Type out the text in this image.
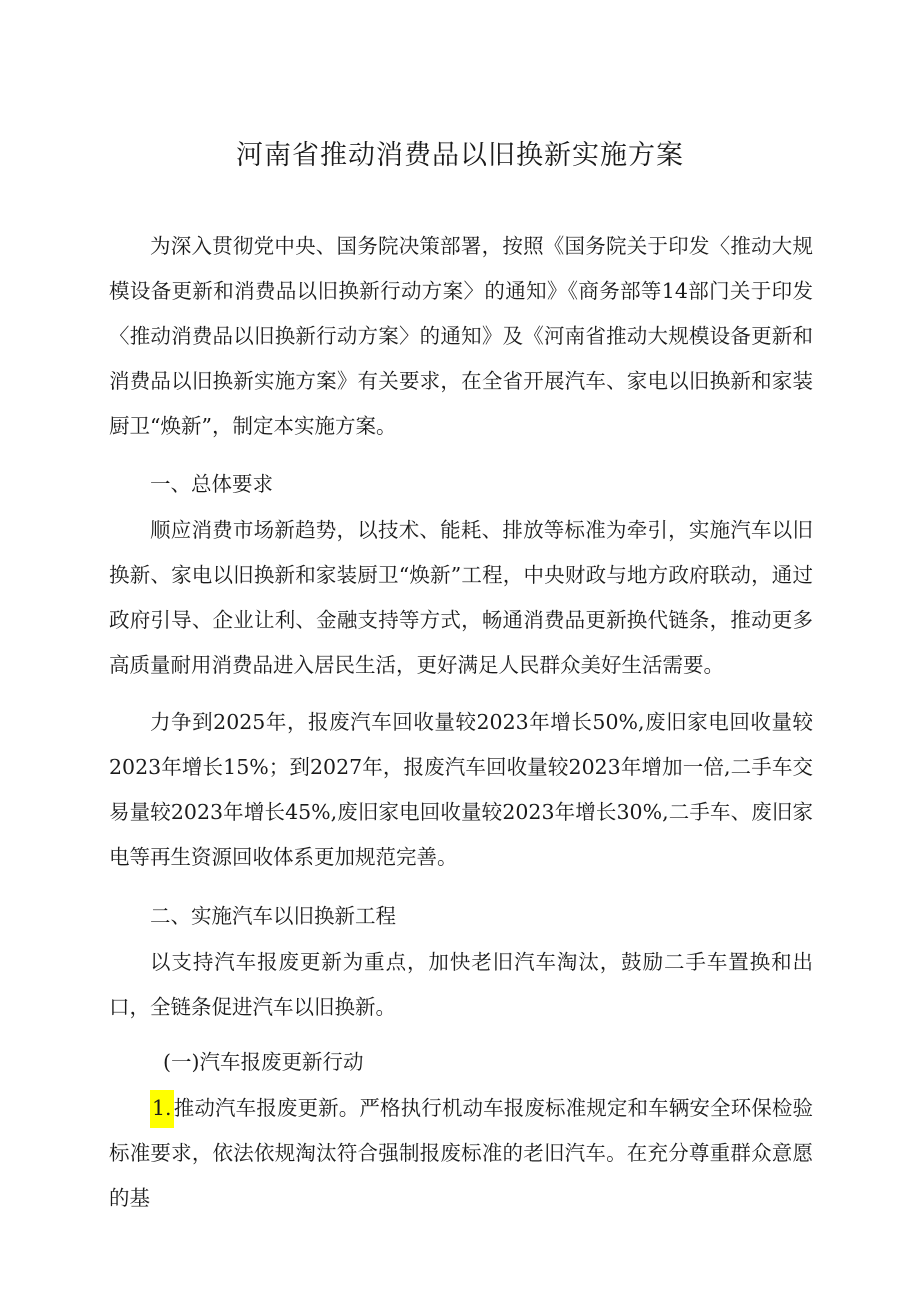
河南省推动消费品以旧换新实施方案

为深入贯彻党中央、国务院决策部署，按照《国务院关于印发〈推动大规模设备更新和消费品以旧换新行动方案〉的通知》《商务部等14部门关于印发〈推动消费品以旧换新行动方案〉的通知》及《河南省推动大规模设备更新和消费品以旧换新实施方案》有关要求，在全省开展汽车、家电以旧换新和家装厨卫“焕新”，制定本实施方案。

一、总体要求

顺应消费市场新趋势，以技术、能耗、排放等标准为牵引，实施汽车以旧换新、家电以旧换新和家装厨卫“焕新”工程，中央财政与地方政府联动，通过政府引导、企业让利、金融支持等方式，畅通消费品更新换代链条，推动更多高质量耐用消费品进入居民生活，更好满足人民群众美好生活需要。

力争到2025年，报废汽车回收量较2023年增长50%,废旧家电回收量较2023年增长15%；到2027年，报废汽车回收量较2023年增加一倍,二手车交易量较2023年增长45%,废旧家电回收量较2023年增长30%,二手车、废旧家电等再生资源回收体系更加规范完善。

二、实施汽车以旧换新工程

以支持汽车报废更新为重点，加快老旧汽车淘汰，鼓励二手车置换和出口，全链条促进汽车以旧换新。

(一)汽车报废更新行动

1.推动汽车报废更新。严格执行机动车报废标准规定和车辆安全环保检验标准要求，依法依规淘汰符合强制报废标准的老旧汽车。在充分尊重群众意愿的基
